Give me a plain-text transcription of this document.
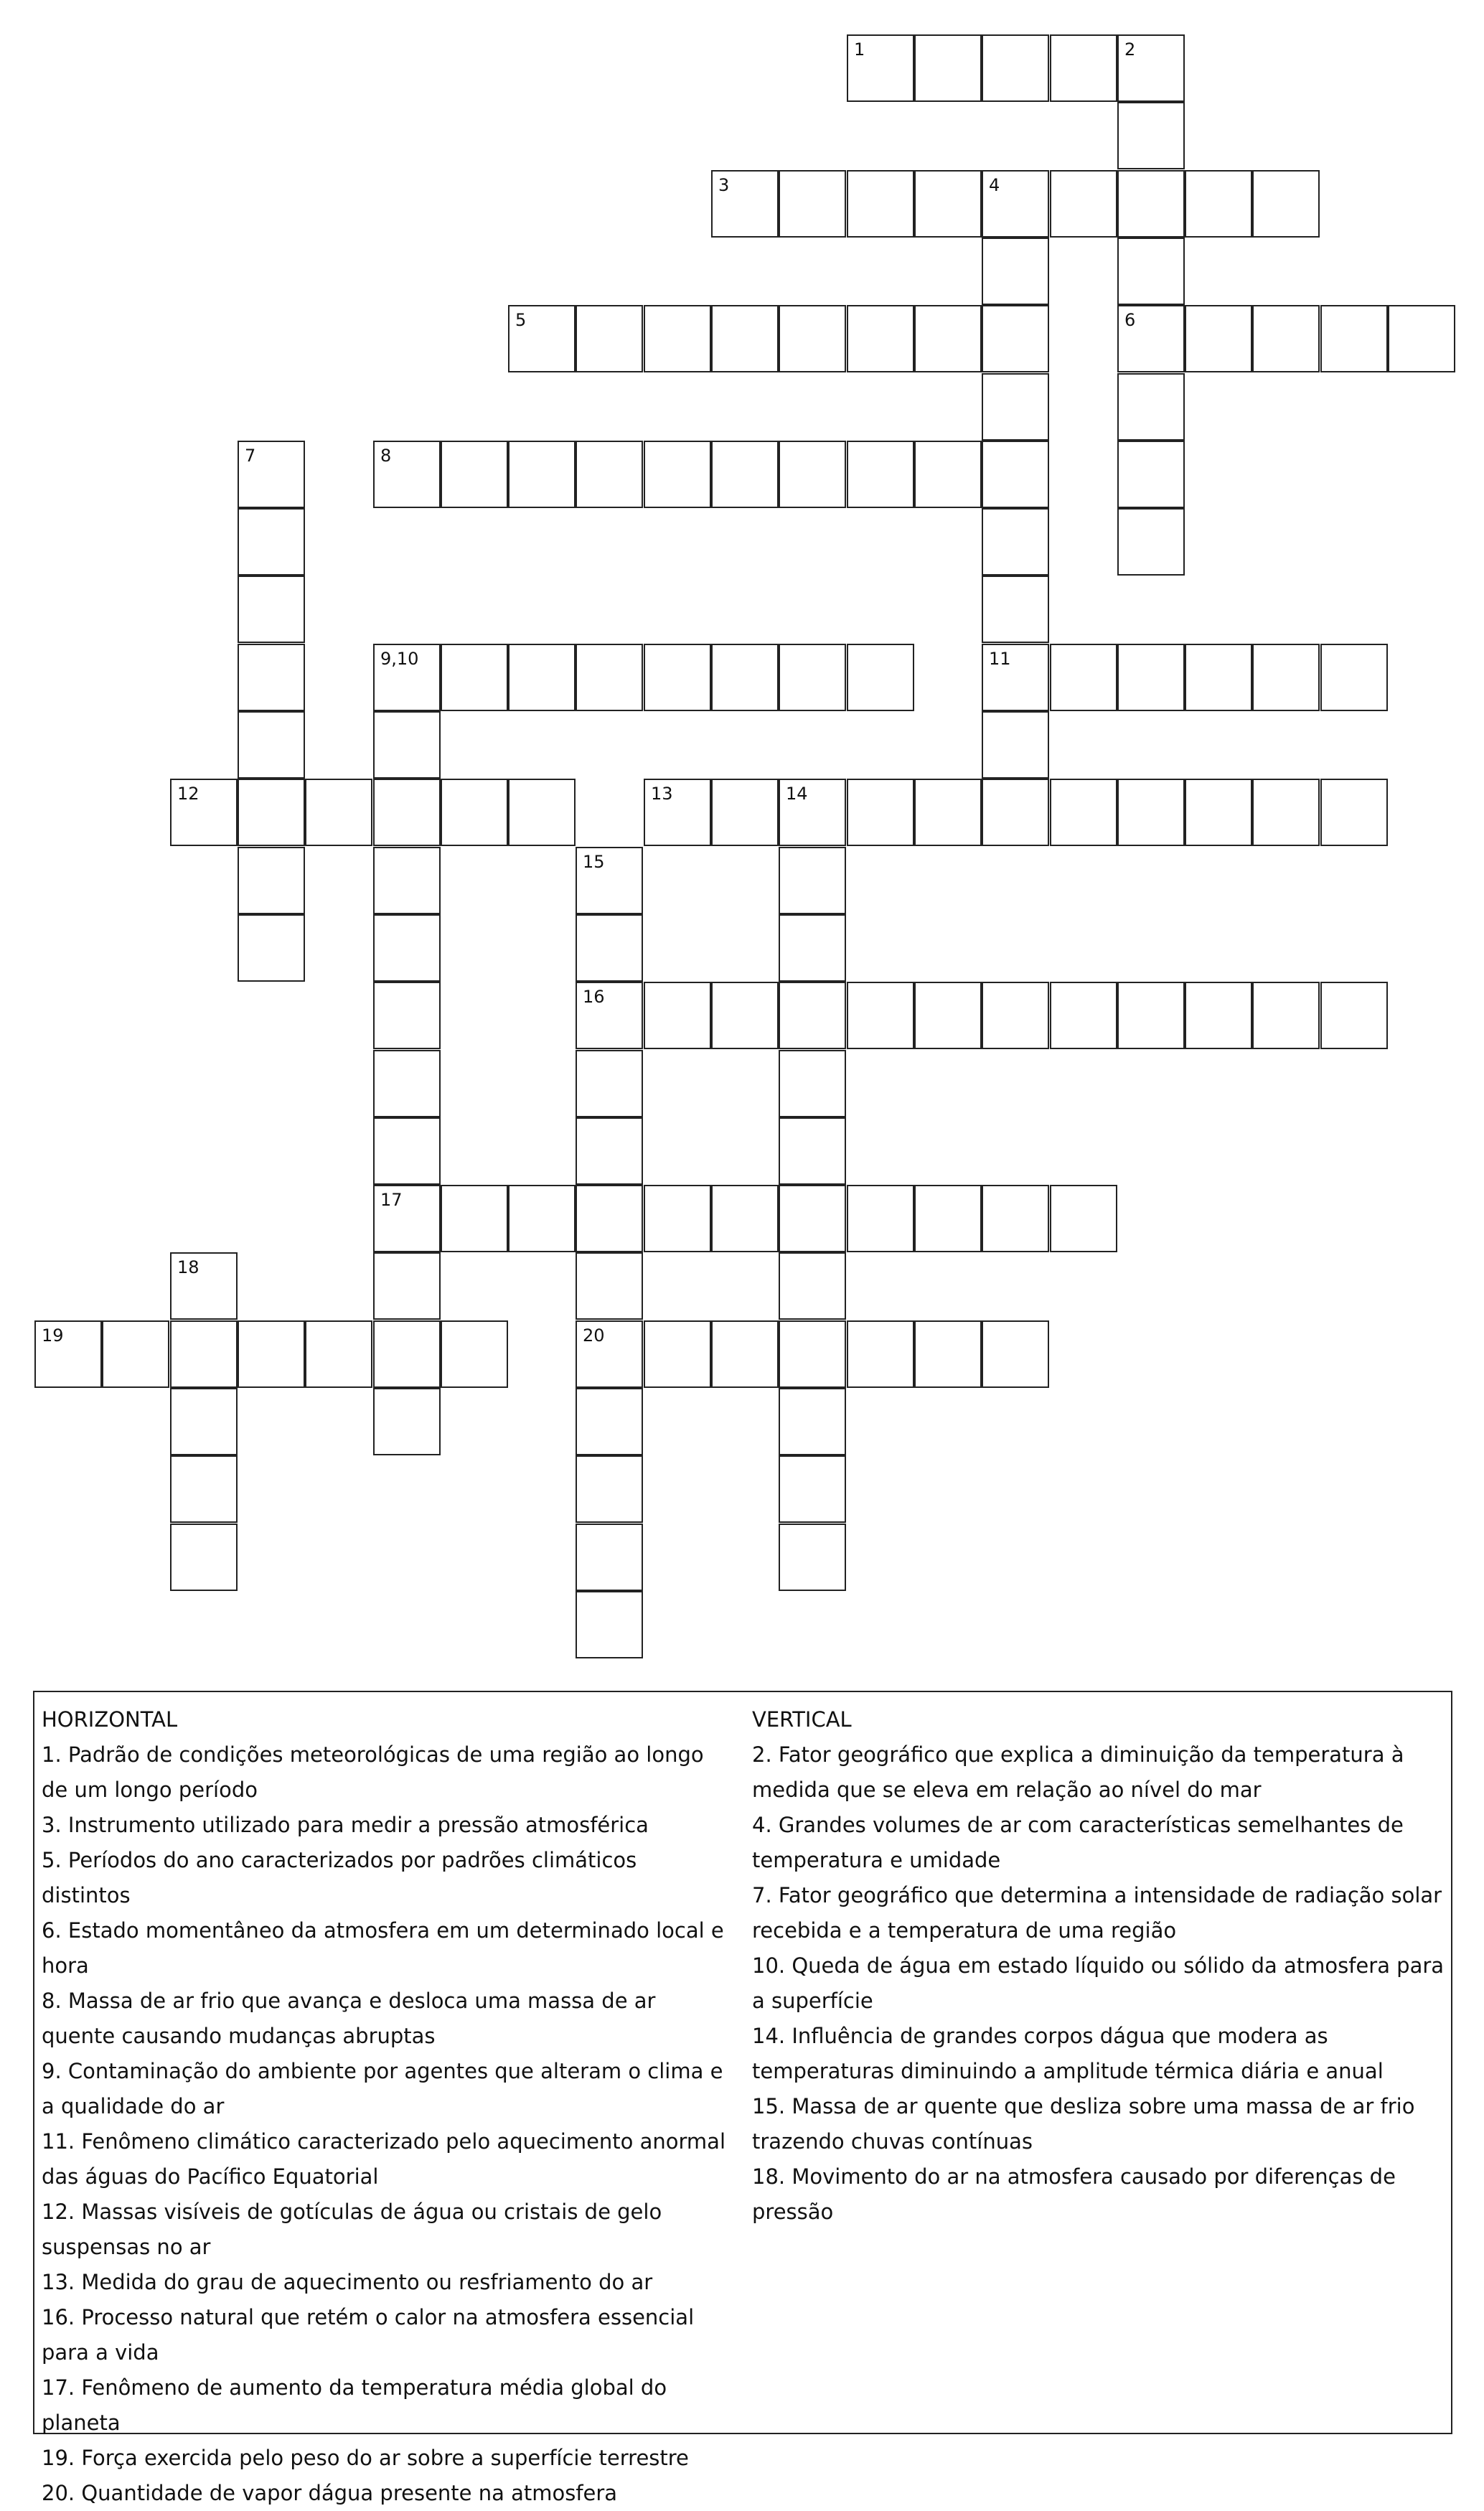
1	2
3	4
5	6
7	8
9,10	11
12	13	14
15
16
17
18
19	20
HORIZONTAL
1. Padrão de condições meteorológicas de uma região ao longo de um longo período
3. Instrumento utilizado para medir a pressão atmosférica
5. Períodos do ano caracterizados por padrões climáticos distintos
6. Estado momentâneo da atmosfera em um determinado local e hora
8. Massa de ar frio que avança e desloca uma massa de ar quente causando mudanças abruptas
9. Contaminação do ambiente por agentes que alteram o clima e a qualidade do ar
11. Fenômeno climático caracterizado pelo aquecimento anormal das águas do Pacífico Equatorial
12. Massas visíveis de gotículas de água ou cristais de gelo suspensas no ar
13. Medida do grau de aquecimento ou resfriamento do ar
16. Processo natural que retém o calor na atmosfera essencial para a vida
17. Fenômeno de aumento da temperatura média global do planeta
19. Força exercida pelo peso do ar sobre a superfície terrestre
20. Quantidade de vapor dágua presente na atmosfera
VERTICAL
2. Fator geográfico que explica a diminuição da temperatura à medida que se eleva em relação ao nível do mar
4. Grandes volumes de ar com características semelhantes de temperatura e umidade
7. Fator geográfico que determina a intensidade de radiação solar recebida e a temperatura de uma região
10. Queda de água em estado líquido ou sólido da atmosfera para a superfície
14. Influência de grandes corpos dágua que modera as temperaturas diminuindo a amplitude térmica diária e anual
15. Massa de ar quente que desliza sobre uma massa de ar frio trazendo chuvas contínuas
18. Movimento do ar na atmosfera causado por diferenças de pressão
